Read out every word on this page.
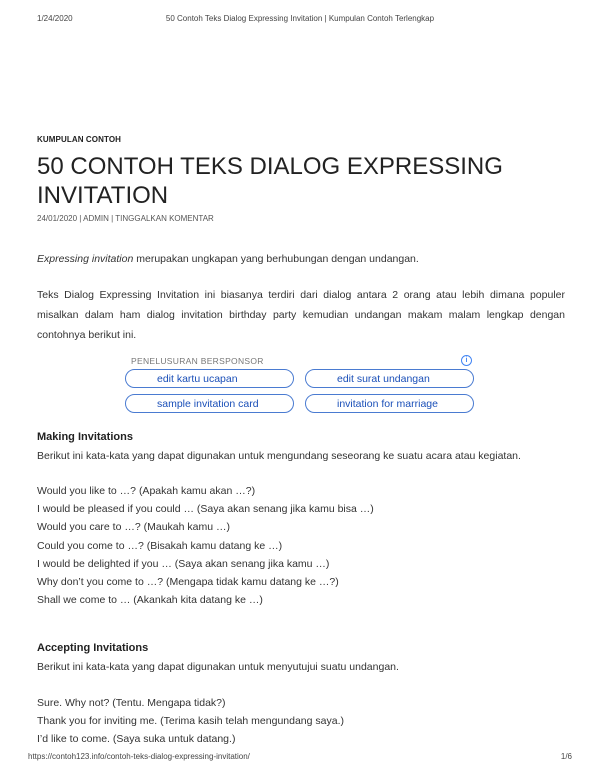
1/24/2020	50 Contoh Teks Dialog Expressing Invitation | Kumpulan Contoh Terlengkap
KUMPULAN CONTOH
50 CONTOH TEKS DIALOG EXPRESSING INVITATION
24/01/2020 | ADMIN | TINGGALKAN KOMENTAR

Expressing invitation merupakan ungkapan yang berhubungan dengan undangan.

Teks Dialog Expressing Invitation ini biasanya terdiri dari dialog antara 2 orang atau lebih dimana populer misalkan dalam ham dialog invitation birthday party kemudian undangan makam malam lengkap dengan contohnya berikut ini.

PENELUSURAN BERSPONSOR	i
edit kartu ucapan	edit surat undangan
sample invitation card	invitation for marriage
Making Invitations

Berikut ini kata-kata yang dapat digunakan untuk mengundang seseorang ke suatu acara atau kegiatan.

Would you like to …? (Apakah kamu akan …?)
I would be pleased if you could … (Saya akan senang jika kamu bisa …)
Would you care to …? (Maukah kamu …)
Could you come to …? (Bisakah kamu datang ke …)
I would be delighted if you … (Saya akan senang jika kamu …)
Why don’t you come to …? (Mengapa tidak kamu datang ke …?)
Shall we come to … (Akankah kita datang ke …)
Accepting Invitations

Berikut ini kata-kata yang dapat digunakan untuk menyutujui suatu undangan.

Sure. Why not? (Tentu. Mengapa tidak?)
Thank you for inviting me. (Terima kasih telah mengundang saya.)
I’d like to come. (Saya suka untuk datang.)
https://contoh123.info/contoh-teks-dialog-expressing-invitation/	1/6
